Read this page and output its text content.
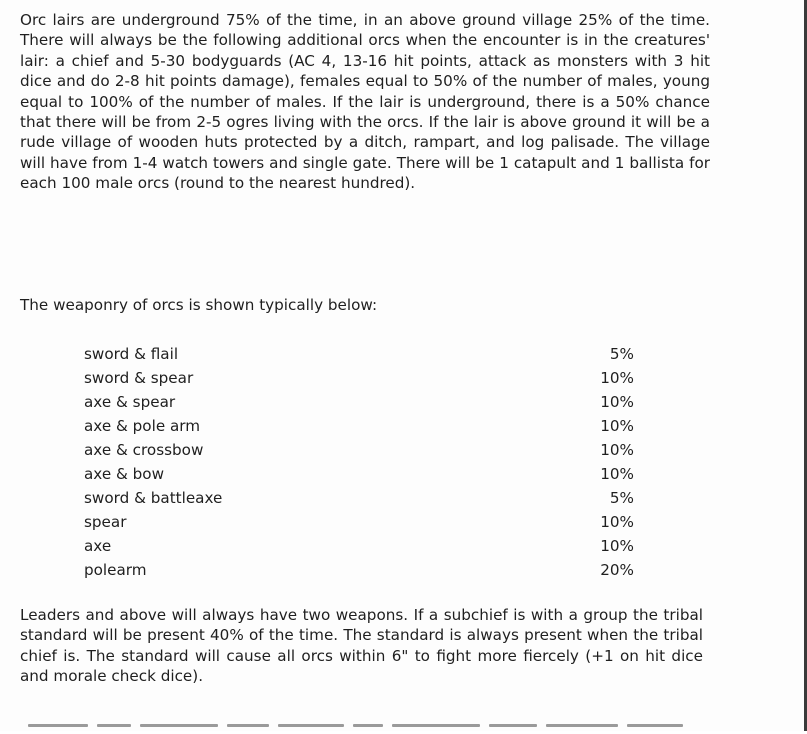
Orc lairs are underground 75% of the time, in an above ground village 25% of the time. There will always be the following additional orcs when the encounter is in the creatures' lair: a chief and 5-30 bodyguards (AC 4, 13-16 hit points, attack as monsters with 3 hit dice and do 2-8 hit points damage), females equal to 50% of the number of males, young equal to 100% of the number of males. If the lair is underground, there is a 50% chance that there will be from 2-5 ogres living with the orcs. If the lair is above ground it will be a rude village of wooden huts protected by a ditch, rampart, and log palisade. The village will have from 1-4 watch towers and single gate. There will be 1 catapult and 1 ballista for each 100 male orcs (round to the nearest hundred).

The weaponry of orcs is shown typically below:

sword & flail	5%
sword & spear	10%
axe & spear	10%
axe & pole arm	10%
axe & crossbow	10%
axe & bow	10%
sword & battleaxe	5%
spear	10%
axe	10%
polearm	20%

Leaders and above will always have two weapons. If a subchief is with a group the tribal standard will be present 40% of the time. The standard is always present when the tribal chief is. The standard will cause all orcs within 6" to fight more fiercely (+1 on hit dice and morale check dice).
